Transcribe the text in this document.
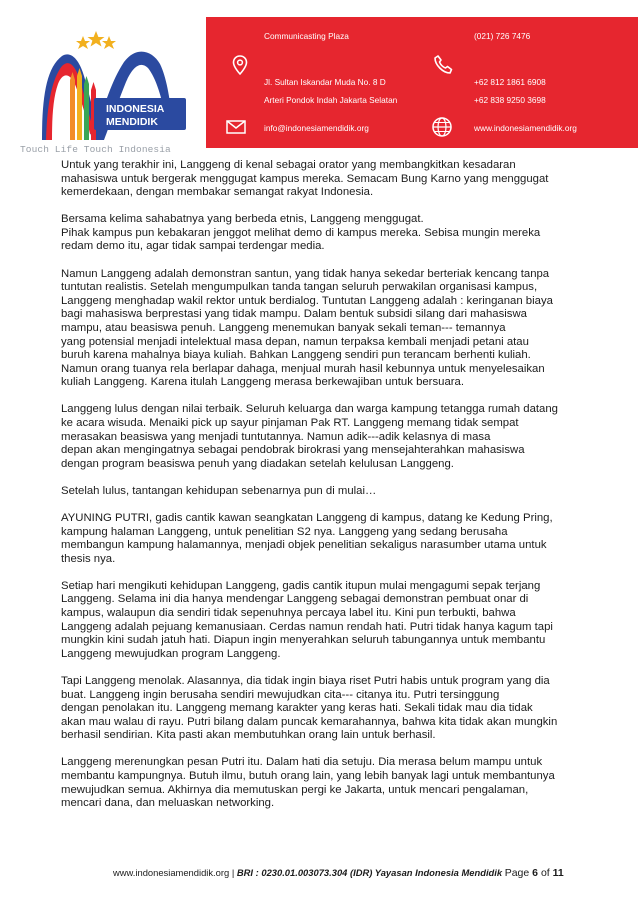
INDONESIA
MENDIDIK
Touch Life Touch Indonesia
Communicasting Plaza
Jl. Sultan Iskandar Muda No. 8 D
Arteri Pondok Indah Jakarta Selatan
info@indonesiamendidik.org
(021) 726 7476
+62 812 1861 6908
+62 838 9250 3698
www.indonesiamendidik.org

Untuk yang terakhir ini, Langgeng di kenal sebagai orator yang membangkitkan kesadaran
mahasiswa untuk bergerak menggugat kampus mereka. Semacam Bung Karno yang menggugat
kemerdekaan, dengan membakar semangat rakyat Indonesia.

Bersama kelima sahabatnya yang berbeda etnis, Langgeng menggugat.
Pihak kampus pun kebakaran jenggot melihat demo di kampus mereka. Sebisa mungin mereka
redam demo itu, agar tidak sampai terdengar media.

Namun Langgeng adalah demonstran santun, yang tidak hanya sekedar berteriak kencang tanpa
tuntutan realistis. Setelah mengumpulkan tanda tangan seluruh perwakilan organisasi kampus,
Langgeng menghadap wakil rektor untuk berdialog. Tuntutan Langgeng adalah : keringanan biaya
bagi mahasiswa berprestasi yang tidak mampu. Dalam bentuk subsidi silang dari mahasiswa
mampu, atau beasiswa penuh. Langgeng menemukan banyak sekali teman--- temannya
yang potensial menjadi intelektual masa depan, namun terpaksa kembali menjadi petani atau
buruh karena mahalnya biaya kuliah. Bahkan Langgeng sendiri pun terancam berhenti kuliah.
Namun orang tuanya rela berlapar dahaga, menjual murah hasil kebunnya untuk menyelesaikan
kuliah Langgeng. Karena itulah Langgeng merasa berkewajiban untuk bersuara.

Langgeng lulus dengan nilai terbaik. Seluruh keluarga dan warga kampung tetangga rumah datang
ke acara wisuda. Menaiki pick up sayur pinjaman Pak RT. Langgeng memang tidak sempat
merasakan beasiswa yang menjadi tuntutannya. Namun adik---adik kelasnya di masa
depan akan mengingatnya sebagai pendobrak birokrasi yang mensejahterahkan mahasiswa
dengan program beasiswa penuh yang diadakan setelah kelulusan Langgeng.

Setelah lulus, tantangan kehidupan sebenarnya pun di mulai…

AYUNING PUTRI, gadis cantik kawan seangkatan Langgeng di kampus, datang ke Kedung Pring,
kampung halaman Langgeng, untuk penelitian S2 nya. Langgeng yang sedang berusaha
membangun kampung halamannya, menjadi objek penelitian sekaligus narasumber utama untuk
thesis nya.

Setiap hari mengikuti kehidupan Langgeng, gadis cantik itupun mulai mengagumi sepak terjang
Langgeng. Selama ini dia hanya mendengar Langgeng sebagai demonstran pembuat onar di
kampus, walaupun dia sendiri tidak sepenuhnya percaya label itu. Kini pun terbukti, bahwa
Langgeng adalah pejuang kemanusiaan. Cerdas namun rendah hati. Putri tidak hanya kagum tapi
mungkin kini sudah jatuh hati. Diapun ingin menyerahkan seluruh tabungannya untuk membantu
Langgeng mewujudkan program Langgeng.

Tapi Langgeng menolak. Alasannya, dia tidak ingin biaya riset Putri habis untuk program yang dia
buat. Langgeng ingin berusaha sendiri mewujudkan cita--- citanya itu. Putri tersinggung
dengan penolakan itu. Langgeng memang karakter yang keras hati. Sekali tidak mau dia tidak
akan mau walau di rayu. Putri bilang dalam puncak kemarahannya, bahwa kita tidak akan mungkin
berhasil sendirian. Kita pasti akan membutuhkan orang lain untuk berhasil.

Langgeng merenungkan pesan Putri itu. Dalam hati dia setuju. Dia merasa belum mampu untuk
membantu kampungnya. Butuh ilmu, butuh orang lain, yang lebih banyak lagi untuk membantunya
mewujudkan semua. Akhirnya dia memutuskan pergi ke Jakarta, untuk mencari pengalaman,
mencari dana, dan meluaskan networking.

www.indonesiamendidik.org | BRI : 0230.01.003073.304 (IDR) Yayasan Indonesia Mendidik Page 6 of 11
